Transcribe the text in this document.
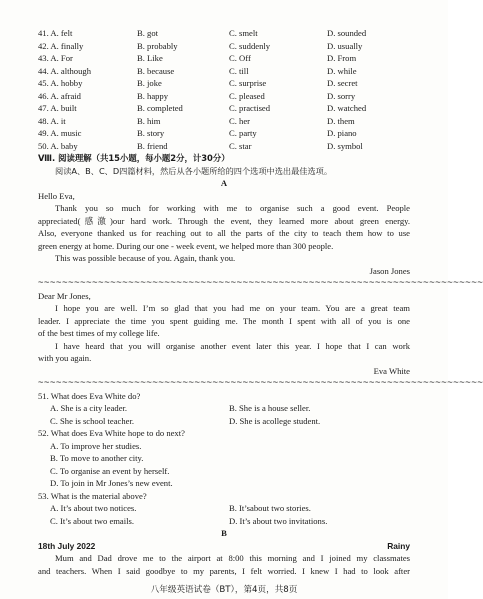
41. A. felt	B. got	C. smelt	D. sounded
42. A. finally	B. probably	C. suddenly	D. usually
43. A. For	B. Like	C. Off	D. From
44. A. although	B. because	C. till	D. while
45. A. hobby	B. joke	C. surprise	D. secret
46. A. afraid	B. happy	C. pleased	D. sorry
47. A. built	B. completed	C. practised	D. watched
48. A. it	B. him	C. her	D. them
49. A. music	B. story	C. party	D. piano
50. A. baby	B. friend	C. star	D. symbol
Ⅷ. 阅读理解（共15小题，每小题2分，计30分）
阅读A、B、C、D四篇材料，然后从各小题所给的四个选项中选出最佳选项。
A
Hello Eva,
Thank you so much for working with me to organise such a good event. People
appreciated(感激)our hard work. Through the event, they learned more about green energy.
Also, everyone thanked us for reaching out to all the parts of the city to teach them how to use
green energy at home. During our one - week event, we helped more than 300 people.
This was possible because of you. Again, thank you.
Jason Jones
~~~~~~~~~~~~~~~~~~~~~~~~~~~~~~~~~~~~~~~~~~~~~~~~~~~~~~~~~~~~~~~~~~~~~~~~~~
Dear Mr Jones,
I hope you are well. I’m so glad that you had me on your team. You are a great team
leader. I appreciate the time you spent guiding me. The month I spent with all of you is one
of the best times of my college life.
I have heard that you will organise another event later this year. I hope that I can work
with you again.
Eva White
~~~~~~~~~~~~~~~~~~~~~~~~~~~~~~~~~~~~~~~~~~~~~~~~~~~~~~~~~~~~~~~~~~~~~~~~~~
51. What does Eva White do?
A. She is a city leader.	B. She is a house seller.
C. She is school teacher.	D. She is acollege student.
52. What does Eva White hope to do next?
A. To improve her studies.
B. To move to another city.
C. To organise an event by herself.
D. To join in Mr Jones’s new event.
53. What is the material above?
A. It’s about two notices.	B. It’sabout two stories.
C. It’s about two emails.	D. It’s about two invitations.
B
18th July 2022	Rainy
Mum and Dad drove me to the airport at 8:00 this morning and I joined my classmates
and teachers. When I said goodbye to my parents, I felt worried. I knew I had to look after
八年级英语试卷（BT），第4页，共8页
